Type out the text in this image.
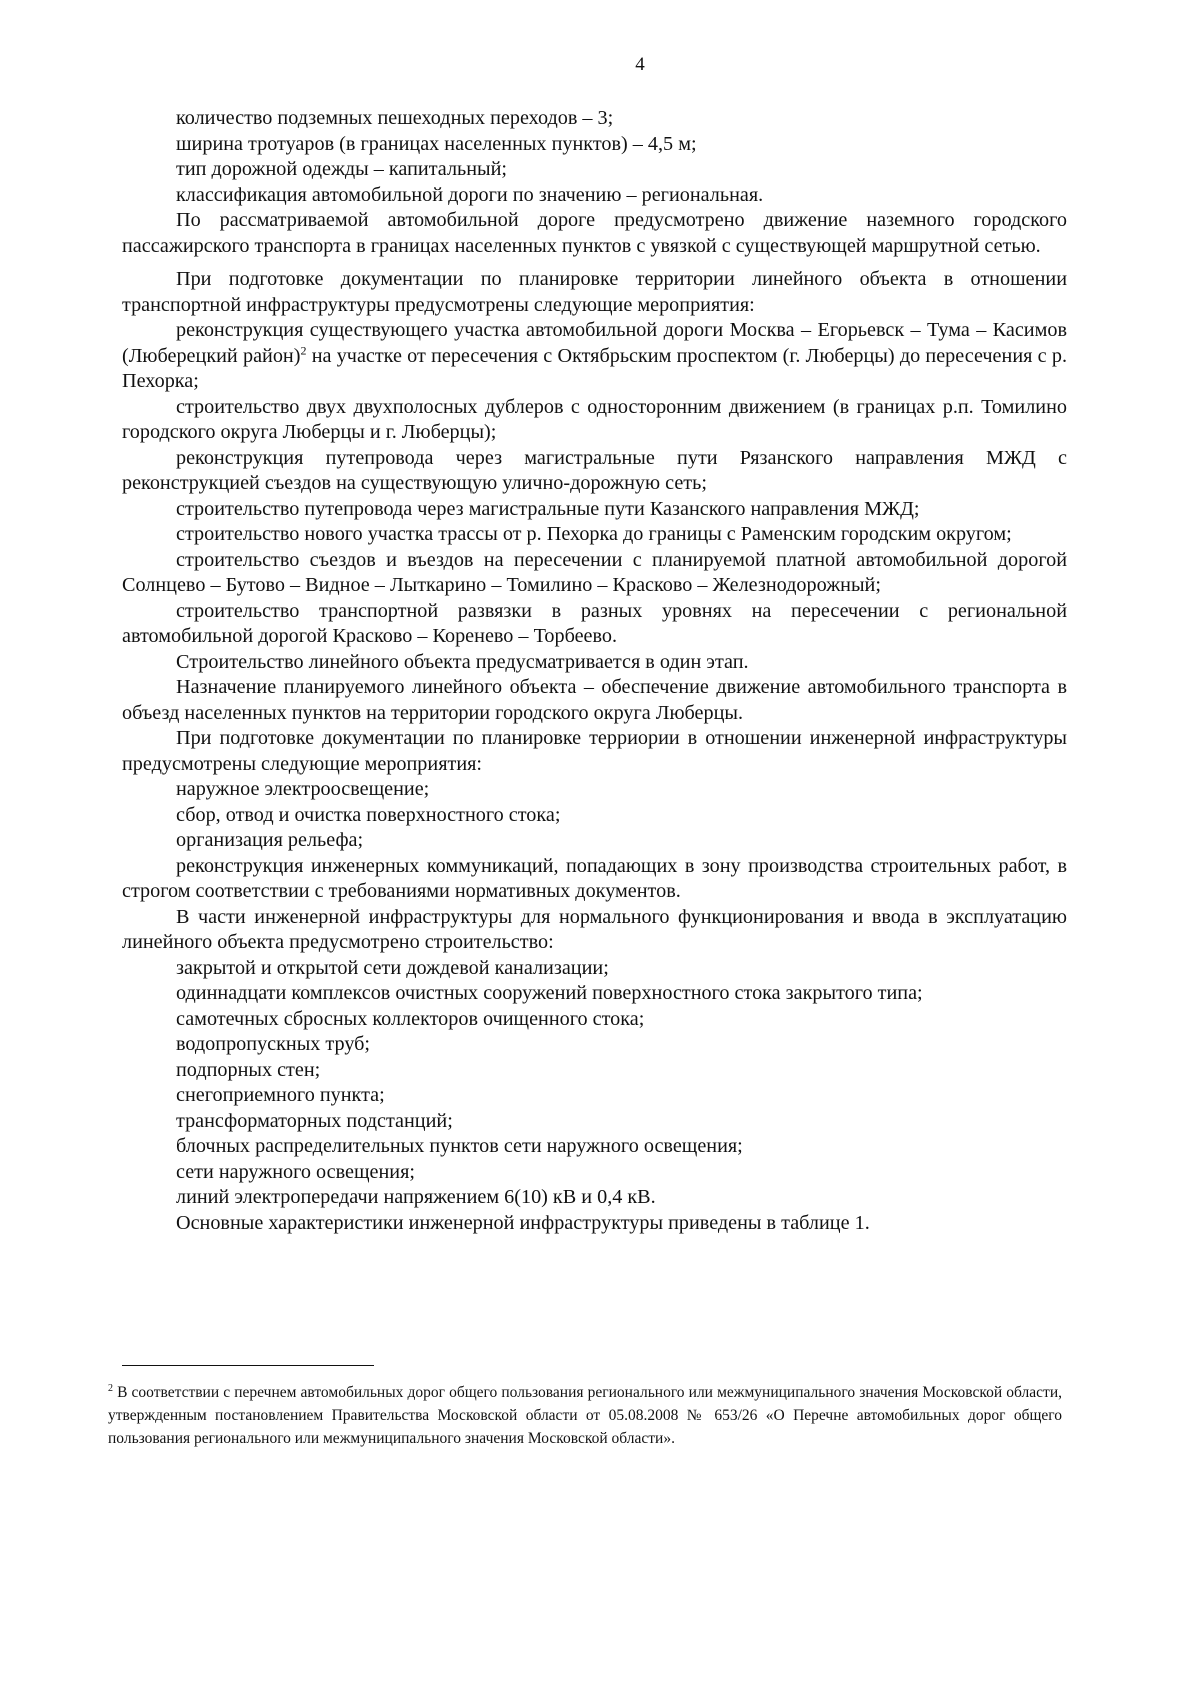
4

количество подземных пешеходных переходов – 3;

ширина тротуаров (в границах населенных пунктов) – 4,5 м;

тип дорожной одежды – капитальный;

классификация автомобильной дороги по значению – региональная.

По рассматриваемой автомобильной дороге предусмотрено движение наземного городского пассажирского транспорта в границах населенных пунктов с увязкой с существующей маршрутной сетью.

При подготовке документации по планировке территории линейного объекта в отношении транспортной инфраструктуры предусмотрены следующие мероприятия:

реконструкция существующего участка автомобильной дороги Москва – Егорьевск – Тума – Касимов (Люберецкий район)$^2$ на участке от пересечения с Октябрьским проспектом (г. Люберцы) до пересечения с р. Пехорка;

строительство двух двухполосных дублеров с односторонним движением (в границах р.п. Томилино городского округа Люберцы и г. Люберцы);

реконструкция путепровода через магистральные пути Рязанского направления МЖД с реконструкцией съездов на существующую улично-дорожную сеть;

строительство путепровода через магистральные пути Казанского направления МЖД;

строительство нового участка трассы от р. Пехорка до границы с Раменским городским округом;

строительство съездов и въездов на пересечении с планируемой платной автомобильной дорогой Солнцево – Бутово – Видное – Лыткарино – Томилино – Красково – Железнодорожный;

строительство транспортной развязки в разных уровнях на пересечении с региональной автомобильной дорогой Красково – Коренево – Торбеево.

Строительство линейного объекта предусматривается в один этап.

Назначение планируемого линейного объекта – обеспечение движение автомобильного транспорта в объезд населенных пунктов на территории городского округа Люберцы.

При подготовке документации по планировке терриории в отношении инженерной инфраструктуры предусмотрены следующие мероприятия:

наружное электроосвещение;

сбор, отвод и очистка поверхностного стока;

организация рельефа;

реконструкция инженерных коммуникаций, попадающих в зону производства строительных работ, в строгом соответствии с требованиями нормативных документов.

В части инженерной инфраструктуры для нормального функционирования и ввода в эксплуатацию линейного объекта предусмотрено строительство:

закрытой и открытой сети дождевой канализации;

одиннадцати комплексов очистных сооружений поверхностного стока закрытого типа;

самотечных сбросных коллекторов очищенного стока;

водопропускных труб;

подпорных стен;

снегоприемного пункта;

трансформаторных подстанций;

блочных распределительных пунктов сети наружного освещения;

сети наружного освещения;

линий электропередачи напряжением 6(10) кВ и 0,4 кВ.

Основные характеристики инженерной инфраструктуры приведены в таблице 1.

$^2$ В соответствии с перечнем автомобильных дорог общего пользования регионального или межмуниципального значения Московской области, утвержденным постановлением Правительства Московской области от 05.08.2008 № 653/26 «О Перечне автомобильных дорог общего пользования регионального или межмуниципального значения Московской области».
